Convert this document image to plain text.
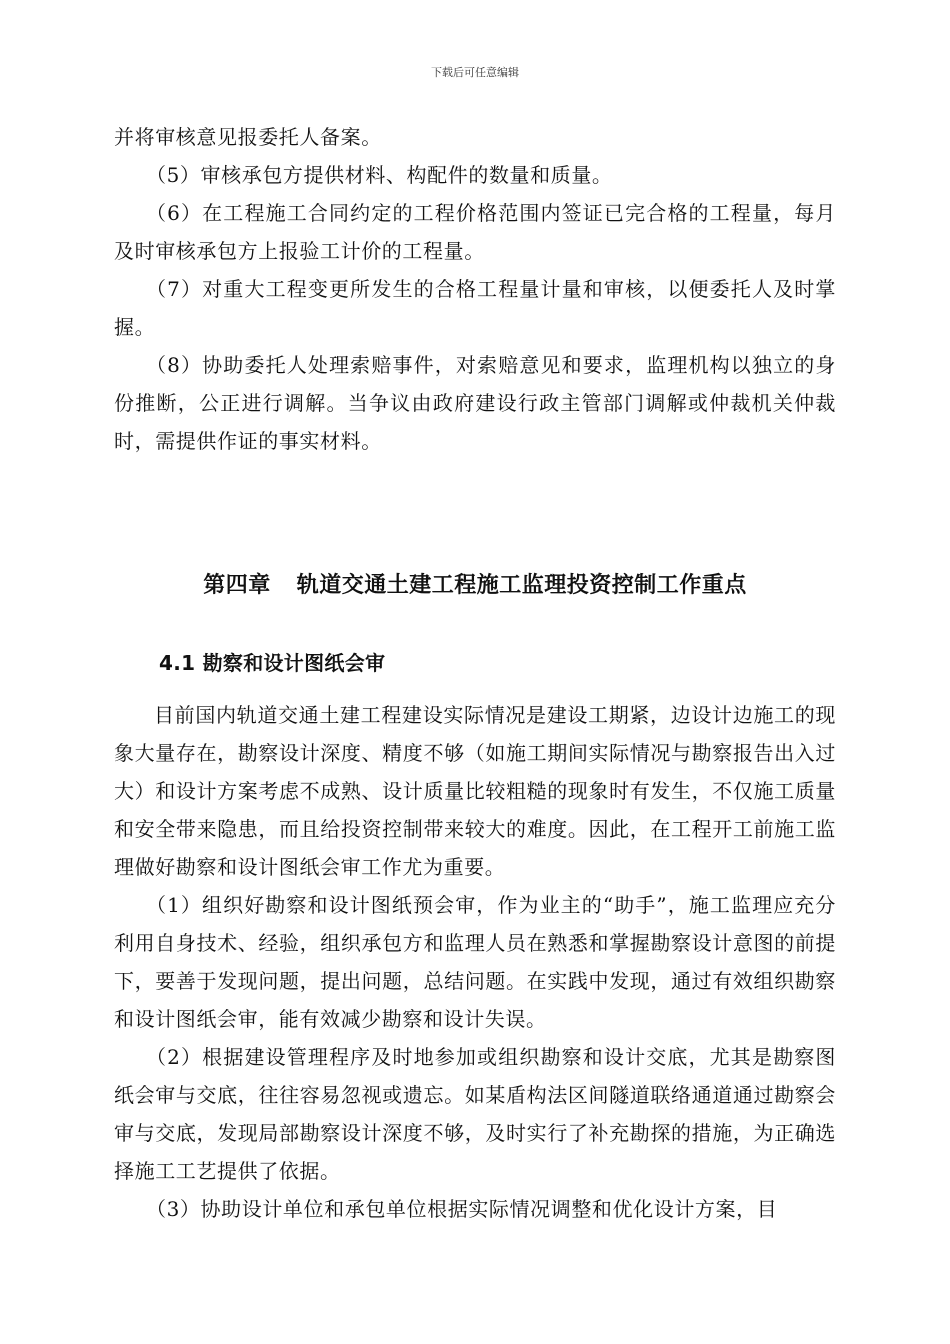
下载后可任意编辑

并将审核意见报委托人备案。

（5）审核承包方提供材料、构配件的数量和质量。

（6）在工程施工合同约定的工程价格范围内签证已完合格的工程量，每月及时审核承包方上报验工计价的工程量。

（7）对重大工程变更所发生的合格工程量计量和审核，以便委托人及时掌握。

（8）协助委托人处理索赔事件，对索赔意见和要求，监理机构以独立的身份推断，公正进行调解。当争议由政府建设行政主管部门调解或仲裁机关仲裁时，需提供作证的事实材料。

第四章 轨道交通土建工程施工监理投资控制工作重点
4.1 勘察和设计图纸会审

目前国内轨道交通土建工程建设实际情况是建设工期紧，边设计边施工的现象大量存在，勘察设计深度、精度不够（如施工期间实际情况与勘察报告出入过大）和设计方案考虑不成熟、设计质量比较粗糙的现象时有发生，不仅施工质量和安全带来隐患，而且给投资控制带来较大的难度。因此，在工程开工前施工监理做好勘察和设计图纸会审工作尤为重要。

（1）组织好勘察和设计图纸预会审，作为业主的“助手”，施工监理应充分利用自身技术、经验，组织承包方和监理人员在熟悉和掌握勘察设计意图的前提下，要善于发现问题，提出问题，总结问题。在实践中发现，通过有效组织勘察和设计图纸会审，能有效减少勘察和设计失误。

（2）根据建设管理程序及时地参加或组织勘察和设计交底，尤其是勘察图纸会审与交底，往往容易忽视或遗忘。如某盾构法区间隧道联络通道通过勘察会审与交底，发现局部勘察设计深度不够，及时实行了补充勘探的措施，为正确选择施工工艺提供了依据。

（3）协助设计单位和承包单位根据实际情况调整和优化设计方案，目
